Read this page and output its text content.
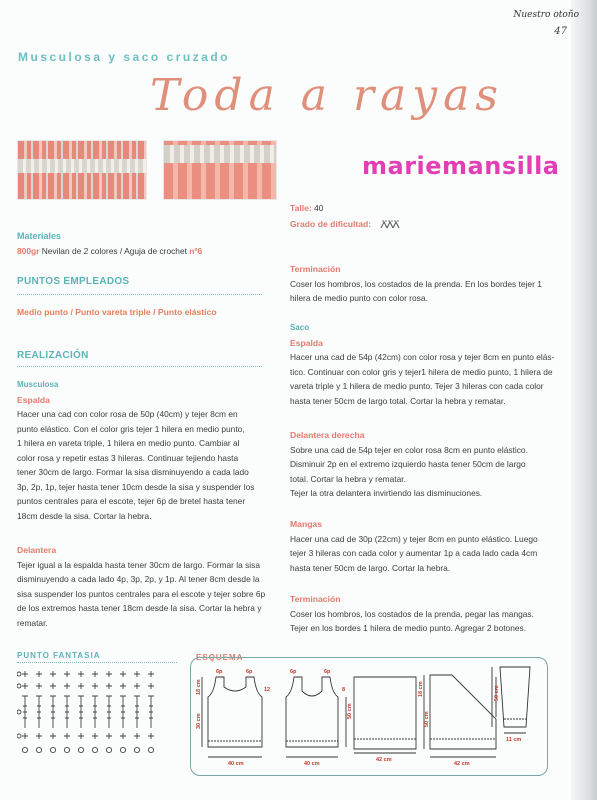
Nuestro otoño
47
Musculosa y saco cruzado
Toda a rayas
mariemansilla
Materiales
800gr Nevilan de 2 colores / Aguja de crochet nº6
PUNTOS EMPLEADOS
Medio punto / Punto vareta triple / Punto elástico
REALIZACIÓN
Musculosa
Espalda
Hacer una cad con color rosa de 50p (40cm) y tejer 8cm en
punto elástico. Con el color gris tejer 1 hilera en medio punto,
1 hilera en vareta triple, 1 hilera en medio punto. Cambiar al
color rosa y repetir estas 3 hileras. Continuar tejiendo hasta
tener 30cm de largo. Formar la sisa disminuyendo a cada lado
3p, 2p, 1p, tejer hasta tener 10cm desde la sisa y suspender los
puntos centrales para el escote, tejer 6p de bretel hasta tener
18cm desde la sisa. Cortar la hebra.
Delantera
Tejer igual a la espalda hasta tener 30cm de largo. Formar la sisa
disminuyendo a cada lado 4p, 3p, 2p, y 1p. Al tener 8cm desde la
sisa suspender los puntos centrales para el escote y tejer sobre 6p
de los extremos hasta tener 18cm desde la sisa. Cortar la hebra y
rematar.
Talle: 40
Grado de dificultad:
Terminación
Coser los hombros, los costados de la prenda. En los bordes tejer 1
hilera de medio punto con color rosa.
Saco
Espalda
Hacer una cad de 54p (42cm) con color rosa y tejer 8cm en punto elás-
tico. Continuar con color gris y tejer1 hilera de medio punto, 1 hilera de
vareta triple y 1 hilera de medio punto. Tejer 3 hileras con cada color
hasta tener 50cm de largo total. Cortar la hebra y rematar.
Delantera derecha
Sobre una cad de 54p tejer en color rosa 8cm en punto elástico.
Disminuir 2p en el extremo izquierdo hasta tener 50cm de largo
total. Cortar la hebra y rematar.
Tejer la otra delantera invirtiendo las disminuciones.
Mangas
Hacer una cad de 30p (22cm) y tejer 8cm en punto elástico. Luego
tejer 3 hileras con cada color y aumentar 1p a cada lado cada 4cm
hasta tener 50cm de largo. Cortar la hebra.
Terminación
Coser los hombros, los costados de la prenda, pegar las mangas.
Tejer en los bordes 1 hilera de medio punto. Agregar 2 botones.
PUNTO FANTASIA	ESQUEMA
6p	6p	6p	6p
12	8
18 cm
30 cm
50 cm
18 cm
50 cm
50 cm
40 cm	40 cm
42 cm
42 cm
11 cm
